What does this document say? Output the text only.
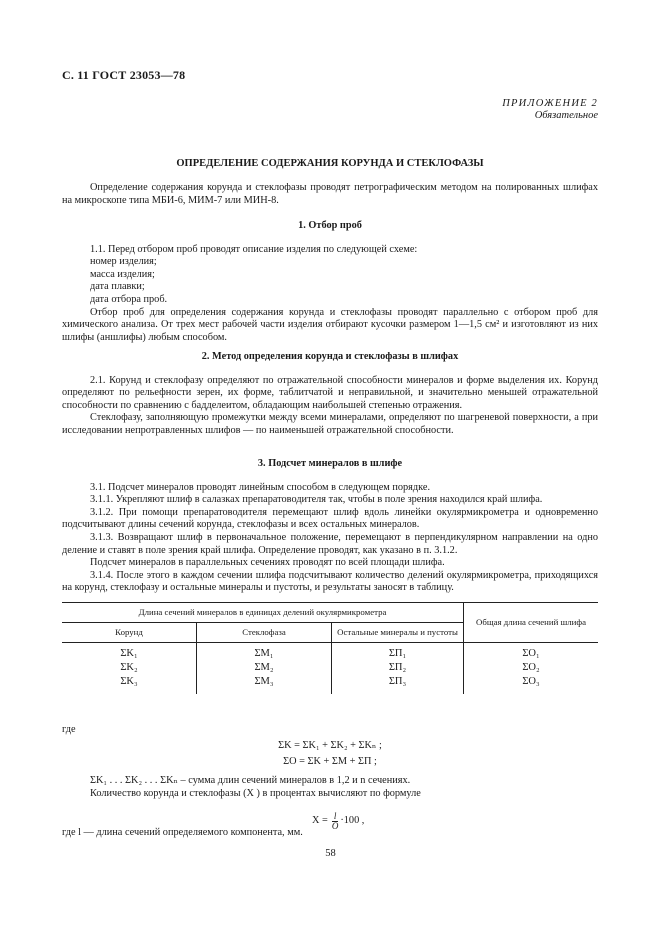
С. 11 ГОСТ 23053—78
ПРИЛОЖЕНИЕ 2
Обязательное
ОПРЕДЕЛЕНИЕ СОДЕРЖАНИЯ КОРУНДА И СТЕКЛОФАЗЫ

Определение содержания корунда и стеклофазы проводят петрографическим методом на полированных шлифах на микроскопе типа МБИ-6, МИМ-7 или МИН-8.

1. Отбор проб

1.1. Перед отбором проб проводят описание изделия по следующей схеме:

номер изделия;

масса изделия;

дата плавки;

дата отбора проб.

Отбор проб для определения содержания корунда и стеклофазы проводят параллельно с отбором проб для химического анализа. От трех мест рабочей части изделия отбирают кусочки размером 1—1,5 см² и изготовляют из них шлифы (аншлифы) любым способом.

2. Метод определения корунда и стеклофазы в шлифах

2.1. Корунд и стеклофазу определяют по отражательной способности минералов и форме выделения их. Корунд определяют по рельефности зерен, их форме, таблитчатой и неправильной, и значительно меньшей отражательной способности по сравнению с бадделеитом, обладающим наибольшей степенью отражения.

Стеклофазу, заполняющую промежутки между всеми минералами, определяют по шагреневой поверхности, а при исследовании непротравленных шлифов — по наименьшей отражательной способности.

3. Подсчет минералов в шлифе

3.1. Подсчет минералов проводят линейным способом в следующем порядке.

3.1.1. Укрепляют шлиф в салазках препаратоводителя так, чтобы в поле зрения находился край шлифа.

3.1.2. При помощи препаратоводителя перемещают шлиф вдоль линейки окулярмикрометра и одновременно подсчитывают длины сечений корунда, стеклофазы и всех остальных минералов.

3.1.3. Возвращают шлиф в первоначальное положение, перемещают в перпендикулярном направлении на одно деление и ставят в поле зрения край шлифа. Определение проводят, как указано в п. 3.1.2.

Подсчет минералов в параллельных сечениях проводят по всей площади шлифа.

3.1.4. После этого в каждом сечении шлифа подсчитывают количество делений окулярмикрометра, приходящихся на корунд, стеклофазу и остальные минералы и пустоты, и результаты заносят в таблицу.

Длина сечений минералов в единицах делений окулярмикрометра			Общая длина сечений шлифа
Корунд	Стеклофаза	Остальные минералы и пустоты	
ΣK₁	ΣM₁	ΣП₁	ΣO₁
ΣK₂	ΣM₂	ΣП₂	ΣO₂
ΣK₃	ΣM₃	ΣП₃	ΣO₃
где
ΣK = ΣK₁ + ΣK₂ + ΣKₙ ;
ΣO = ΣK + ΣM + ΣП ;
ΣK₁ . . . ΣK₂ . . . ΣKₙ – сумма длин сечений минералов в 1,2 и n сечениях.
Количество корунда и стеклофазы (X ) в процентах вычисляют по формуле
$X = \frac{l}{O} \cdot 100$ ,
где l — длина сечений определяемого компонента, мм.
58
